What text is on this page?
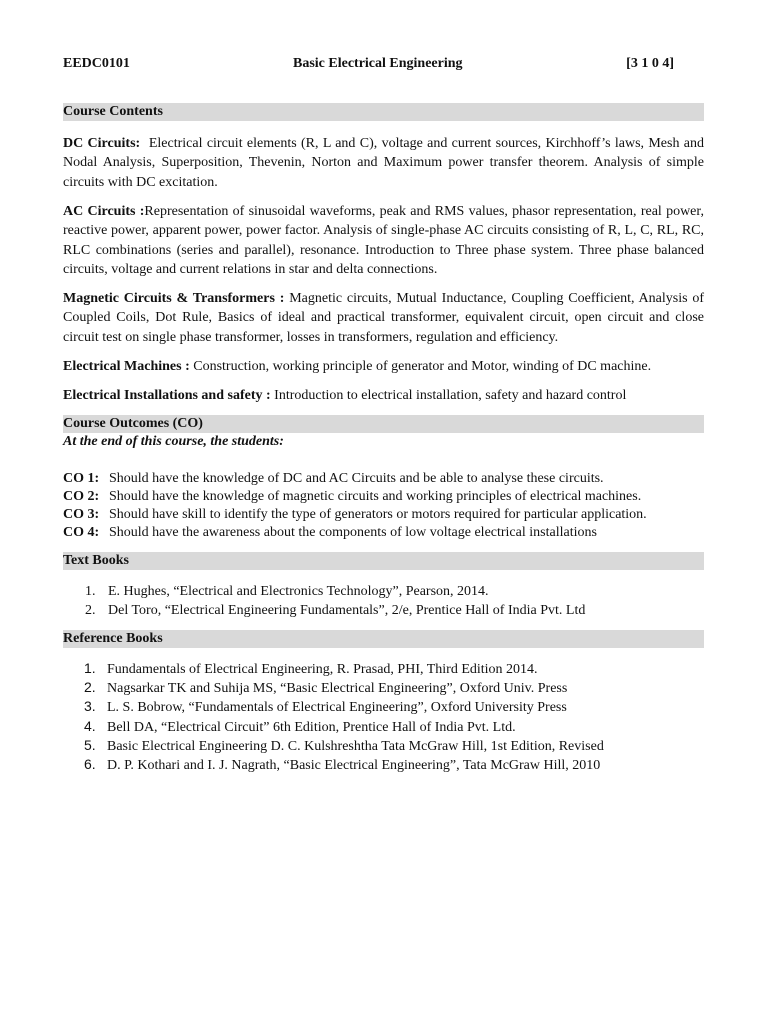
EEDC0101	Basic Electrical Engineering	[3 1 0 4]
Course Contents
DC Circuits: Electrical circuit elements (R, L and C), voltage and current sources, Kirchhoff’s laws, Mesh and Nodal Analysis, Superposition, Thevenin, Norton and Maximum power transfer theorem. Analysis of simple circuits with DC excitation.
AC Circuits :Representation of sinusoidal waveforms, peak and RMS values, phasor representation, real power, reactive power, apparent power, power factor. Analysis of single-phase AC circuits consisting of R, L, C, RL, RC, RLC combinations (series and parallel), resonance. Introduction to Three phase system. Three phase balanced circuits, voltage and current relations in star and delta connections.
Magnetic Circuits & Transformers : Magnetic circuits, Mutual Inductance, Coupling Coefficient, Analysis of Coupled Coils, Dot Rule, Basics of ideal and practical transformer, equivalent circuit, open circuit and close circuit test on single phase transformer, losses in transformers, regulation and efficiency.
Electrical Machines : Construction, working principle of generator and Motor, winding of DC machine.
Electrical Installations and safety : Introduction to electrical installation, safety and hazard control
Course Outcomes (CO)
At the end of this course, the students:
CO 1: Should have the knowledge of DC and AC Circuits and be able to analyse these circuits.
CO 2: Should have the knowledge of magnetic circuits and working principles of electrical machines.
CO 3: Should have skill to identify the type of generators or motors required for particular application.
CO 4: Should have the awareness about the components of low voltage electrical installations
Text Books
1. E. Hughes, “Electrical and Electronics Technology”, Pearson, 2014.
2. Del Toro, “Electrical Engineering Fundamentals”, 2/e, Prentice Hall of India Pvt. Ltd
Reference Books
1. Fundamentals of Electrical Engineering, R. Prasad, PHI, Third Edition 2014.
2. Nagsarkar TK and Suhija MS, “Basic Electrical Engineering”, Oxford Univ. Press
3. L. S. Bobrow, “Fundamentals of Electrical Engineering”, Oxford University Press
4. Bell DA, “Electrical Circuit” 6th Edition, Prentice Hall of India Pvt. Ltd.
5. Basic Electrical Engineering D. C. Kulshreshtha Tata McGraw Hill, 1st Edition, Revised
6. D. P. Kothari and I. J. Nagrath, “Basic Electrical Engineering”, Tata McGraw Hill, 2010
